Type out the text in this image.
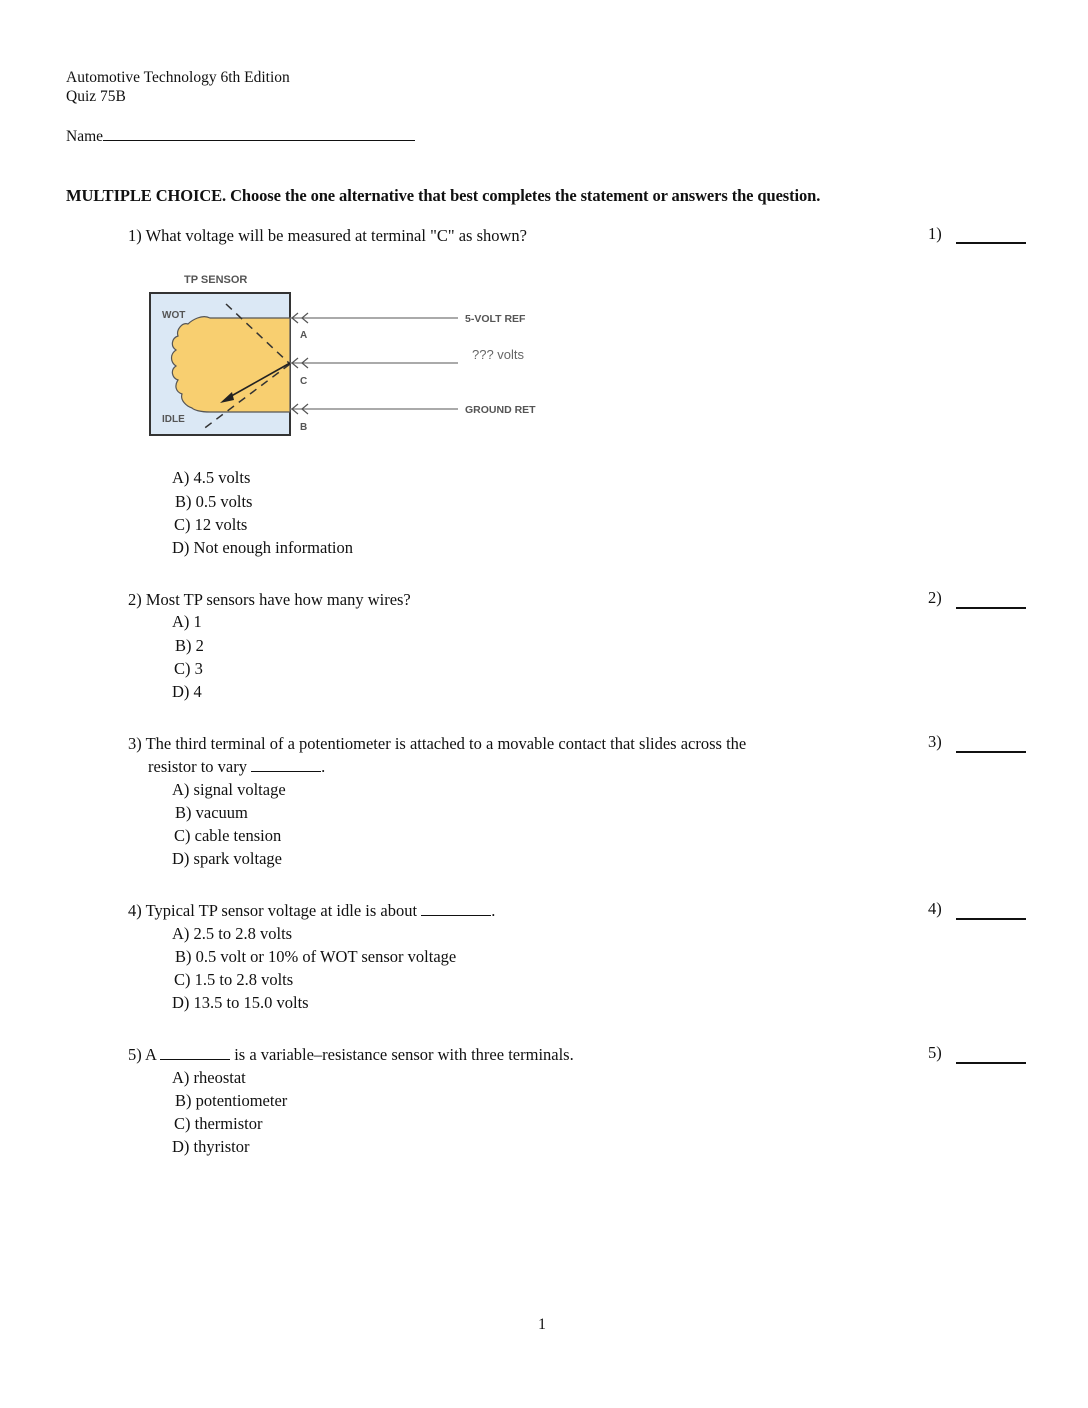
Automotive Technology 6th Edition
Quiz 75B
Name
MULTIPLE CHOICE. Choose the one alternative that best completes the statement or answers the question.
1) What voltage will be measured at terminal "C" as shown?	1)
TP SENSOR
WOT
IDLE
A
C
B
5-VOLT REF
??? volts
GROUND RET
A) 4.5 volts
B) 0.5 volts
C) 12 volts
D) Not enough information
2) Most TP sensors have how many wires?	2)
A) 1
B) 2
C) 3
D) 4
3) The third terminal of a potentiometer is attached to a movable contact that slides across the
resistor to vary	.
3)
A) signal voltage
B) vacuum
C) cable tension
D) spark voltage
4) Typical TP sensor voltage at idle is about	.	4)
A) 2.5 to 2.8 volts
B) 0.5 volt or 10% of WOT sensor voltage
C) 1.5 to 2.8 volts
D) 13.5 to 15.0 volts
5) A	is a variable–resistance sensor with three terminals.	5)
A) rheostat
B) potentiometer
C) thermistor
D) thyristor
1
